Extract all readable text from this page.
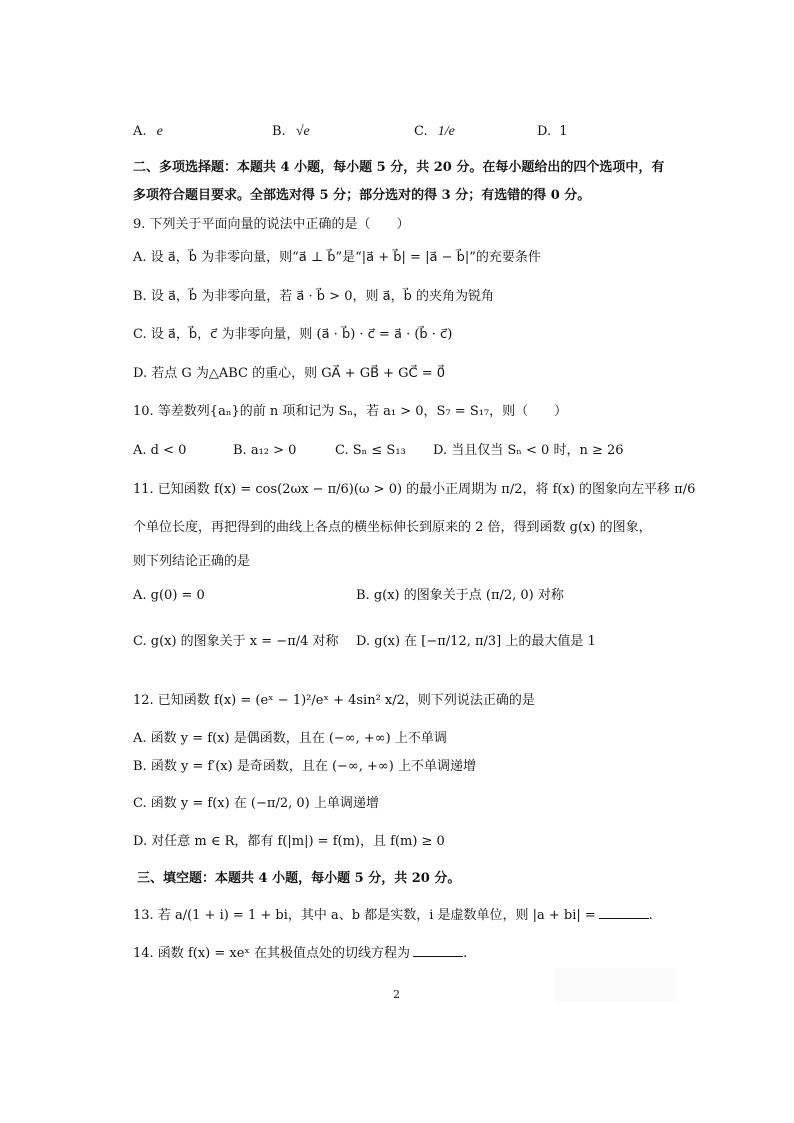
A. e	B. √e	C. 1/e	D. 1
二、多项选择题：本题共 4 小题，每小题 5 分，共 20 分。在每小题给出的四个选项中，有
多项符合题目要求。全部选对得 5 分；部分选对的得 3 分；有选错的得 0 分。
9. 下列关于平面向量的说法中正确的是（　　）
A. 设 a⃗，b⃗ 为非零向量，则“a⃗ ⊥ b⃗”是“|a⃗ + b⃗| = |a⃗ − b⃗|”的充要条件
B. 设 a⃗，b⃗ 为非零向量，若 a⃗ · b⃗ > 0，则 a⃗，b⃗ 的夹角为锐角
C. 设 a⃗，b⃗，c⃗ 为非零向量，则 (a⃗ · b⃗) · c⃗ = a⃗ · (b⃗ · c⃗)
D. 若点 G 为△ABC 的重心，则 GA⃗ + GB⃗ + GC⃗ = 0⃗
10. 等差数列{aₙ}的前 n 项和记为 Sₙ，若 a₁ > 0，S₇ = S₁₇，则（　　）
A. d < 0	B. a₁₂ > 0	C. Sₙ ≤ S₁₃ D. 当且仅当 Sₙ < 0 时，n ≥ 26
11. 已知函数 f(x) = cos(2ωx − π/6)(ω > 0) 的最小正周期为 π/2，将 f(x) 的图象向左平移 π/6
个单位长度，再把得到的曲线上各点的横坐标伸长到原来的 2 倍，得到函数 g(x) 的图象，
则下列结论正确的是
A. g(0) = 0	B. g(x) 的图象关于点 (π/2, 0) 对称
C. g(x) 的图象关于 x = −π/4 对称 D. g(x) 在 [−π/12, π/3] 上的最大值是 1
12. 已知函数 f(x) = (eˣ − 1)²/eˣ + 4sin² x/2，则下列说法正确的是
A. 函数 y = f(x) 是偶函数，且在 (−∞, +∞) 上不单调
B. 函数 y = f′(x) 是奇函数，且在 (−∞, +∞) 上不单调递增
C. 函数 y = f(x) 在 (−π/2, 0) 上单调递增
D. 对任意 m ∈ R，都有 f(|m|) = f(m)，且 f(m) ≥ 0
三、填空题：本题共 4 小题，每小题 5 分，共 20 分。
13. 若 a/(1 + i) = 1 + bi，其中 a、b 都是实数，i 是虚数单位，则 |a + bi| =	.
14. 函数 f(x) = xeˣ 在其极值点处的切线方程为	.
2
